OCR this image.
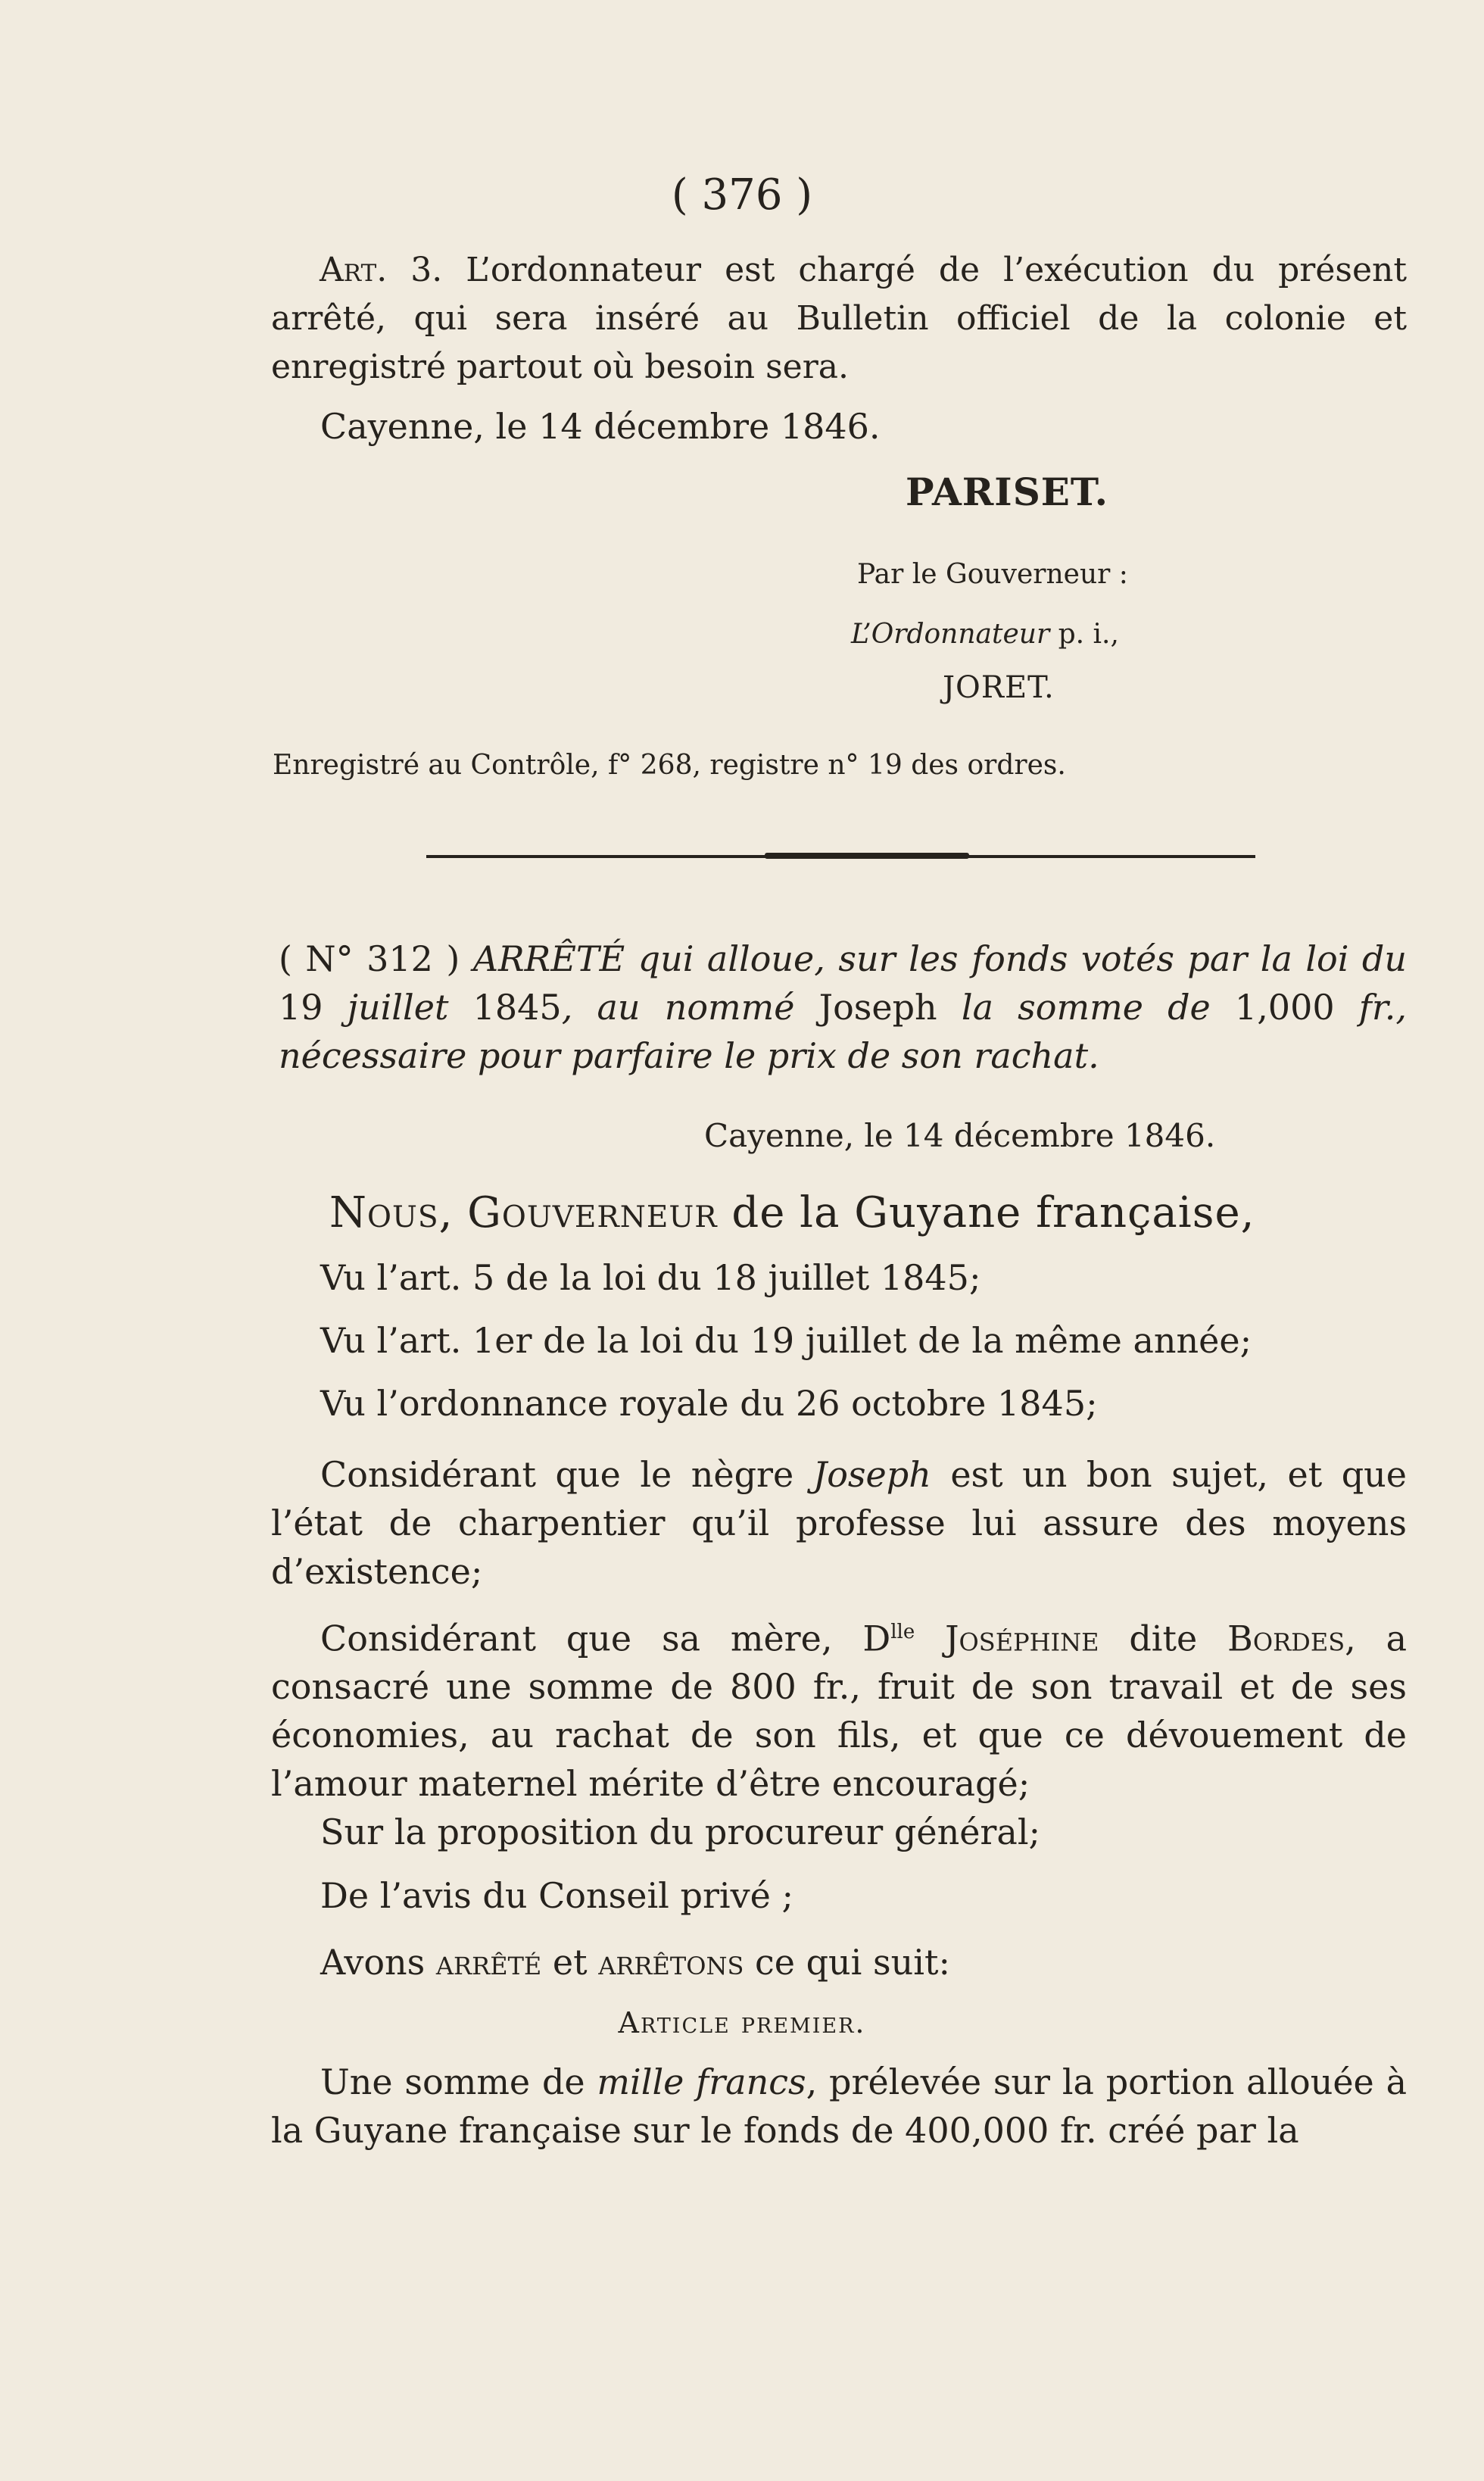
( 376 )

Art. 3. L’ordonnateur est chargé de l’exécution du présent arrêté, qui sera inséré au Bulletin officiel de la colonie et enregistré partout où besoin sera.

Cayenne, le 14 décembre 1846.

PARISET.

Par le Gouverneur :

L’Ordonnateur p. i.,

JORET.

Enregistré au Contrôle, f° 268, registre n° 19 des ordres.

( N° 312 ) ARRÊTÉ qui alloue, sur les fonds votés par la loi du 19 juillet 1845, au nommé Joseph la somme de 1,000 fr., nécessaire pour parfaire le prix de son rachat.

Cayenne, le 14 décembre 1846.

Nous, Gouverneur de la Guyane française,

Vu l’art. 5 de la loi du 18 juillet 1845;

Vu l’art. 1er de la loi du 19 juillet de la même année;

Vu l’ordonnance royale du 26 octobre 1845;

Considérant que le nègre Joseph est un bon sujet, et que l’état de charpentier qu’il professe lui assure des moyens d’existence;

Considérant que sa mère, $D^{lle}$ Joséphine dite Bordes, a consacré une somme de 800 fr., fruit de son travail et de ses économies, au rachat de son fils, et que ce dévouement de l’amour maternel mérite d’être encouragé;

Sur la proposition du procureur général;

De l’avis du Conseil privé ;

Avons arrêté et arrêtons ce qui suit:

Article premier.

Une somme de mille francs, prélevée sur la portion allouée à la Guyane française sur le fonds de 400,000 fr. créé par la
